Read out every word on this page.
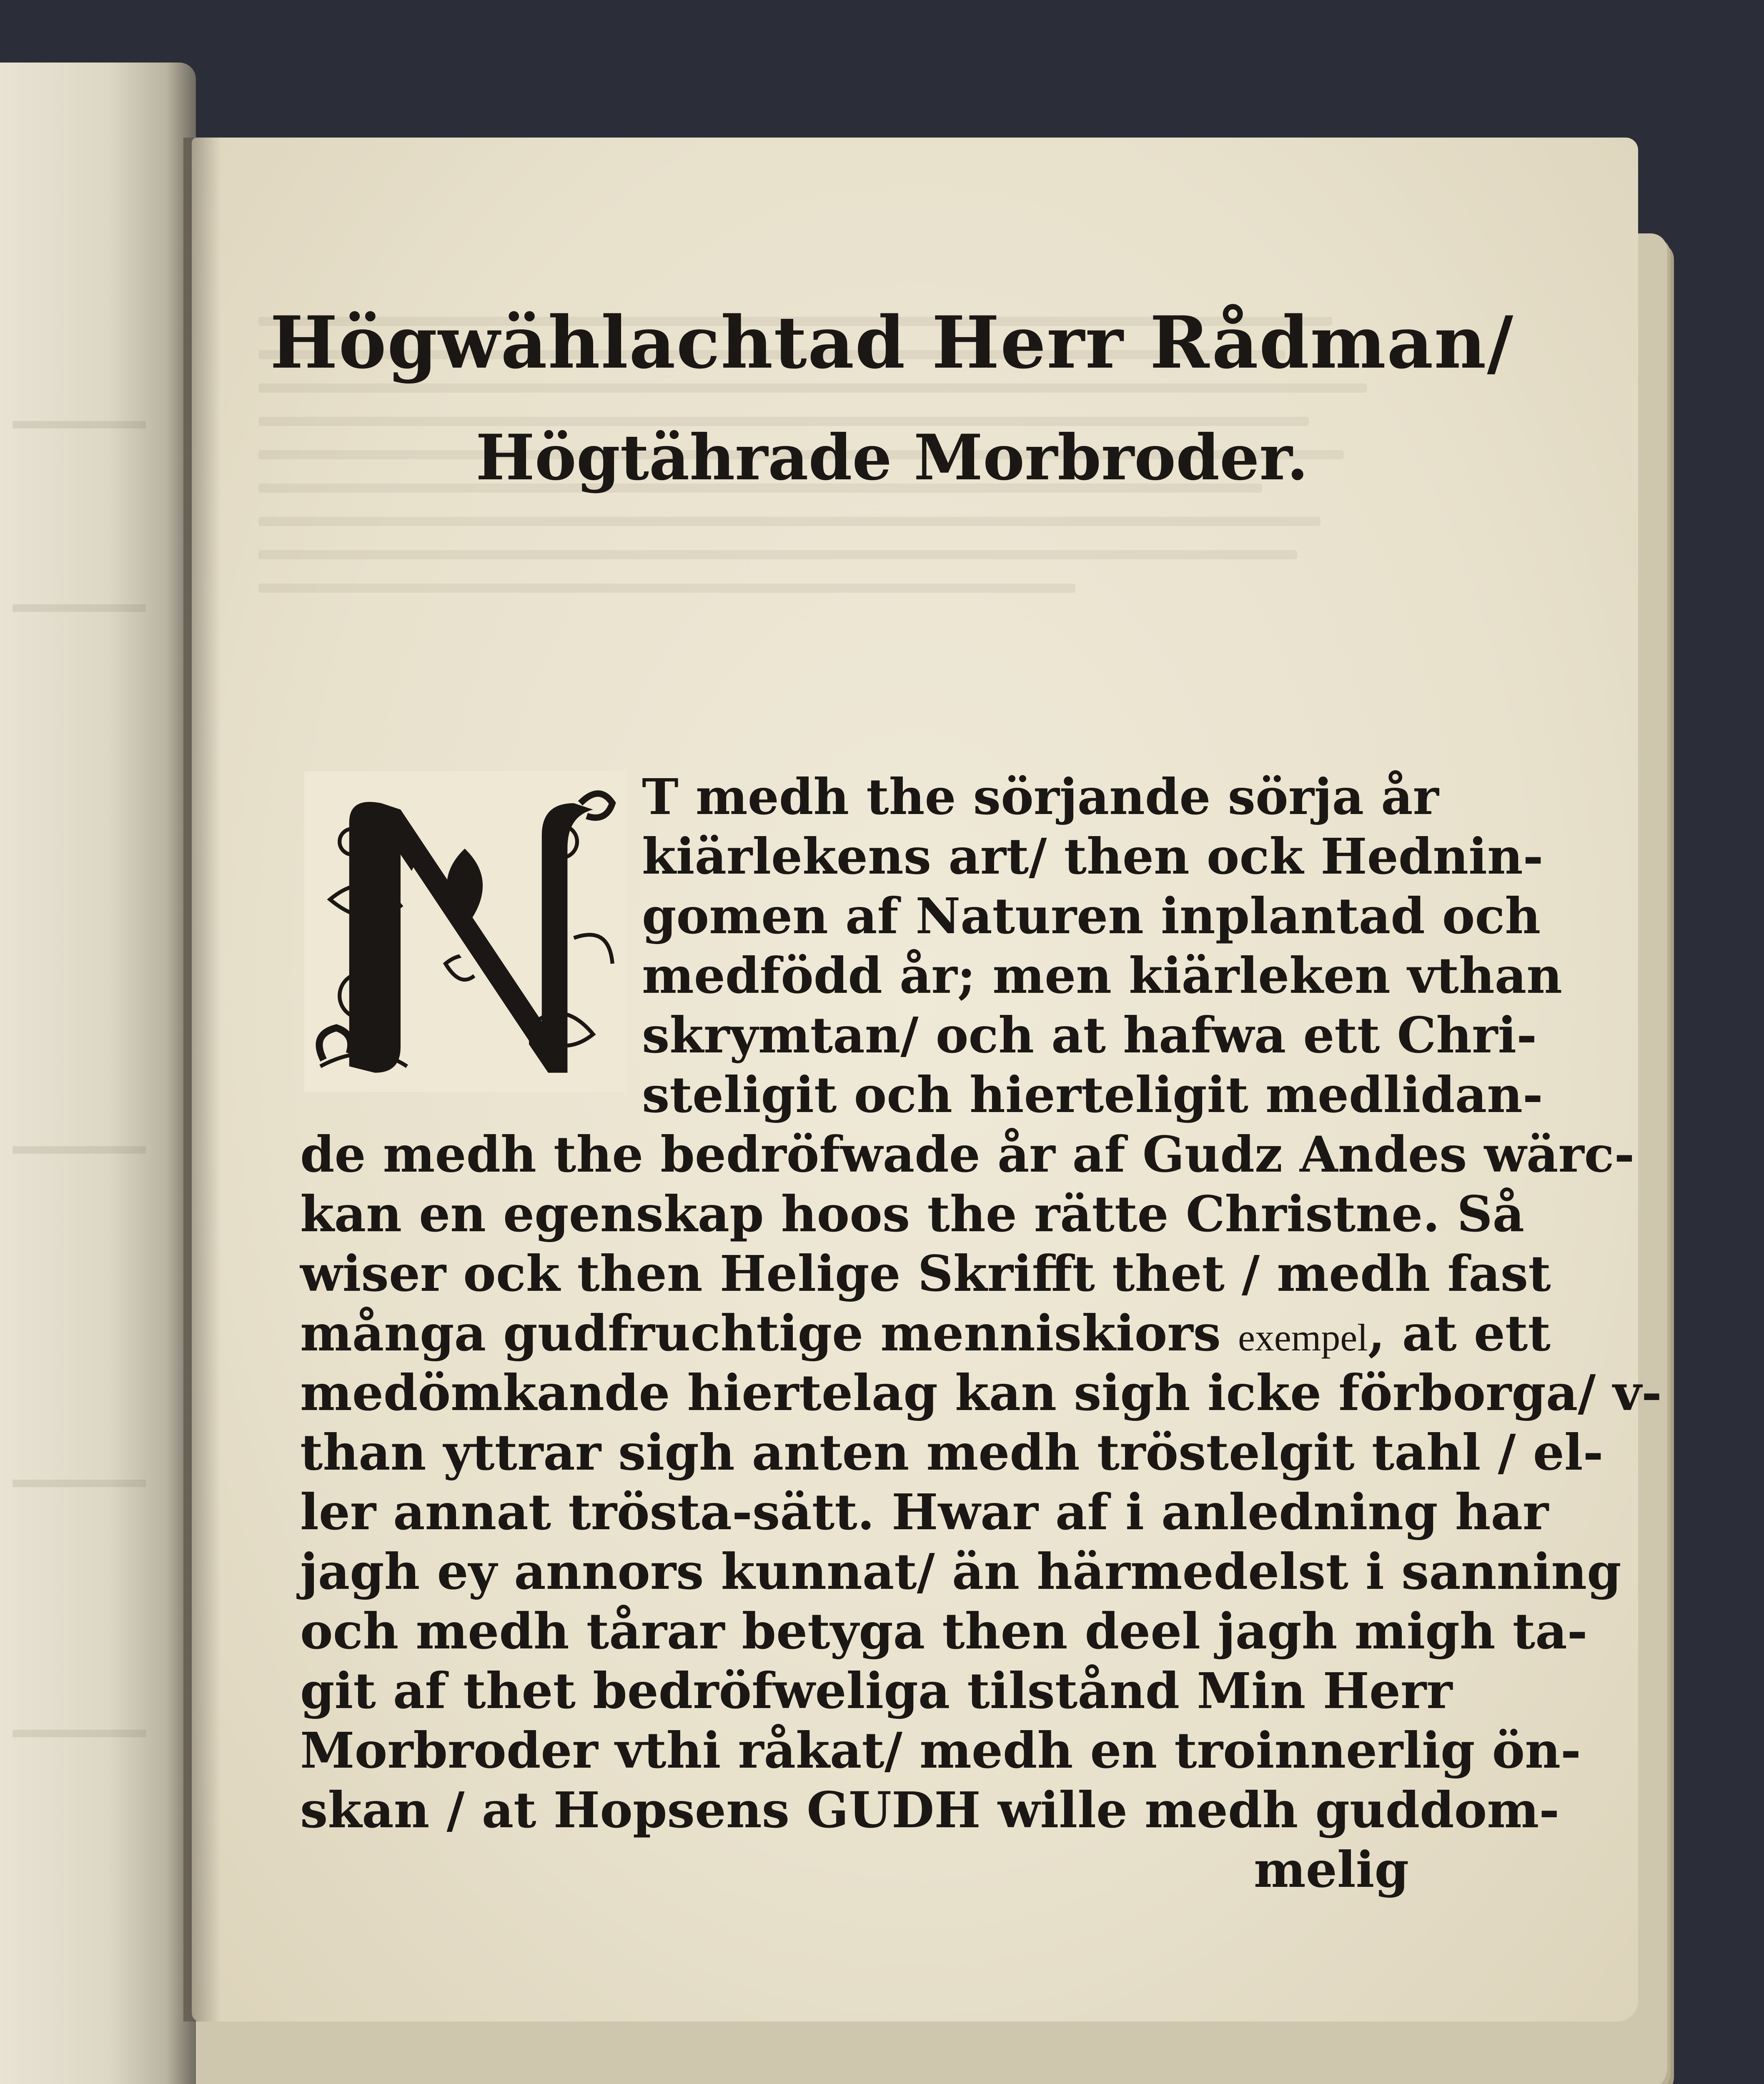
Högwählachtad Herr Rådman/
Högtährade Morbroder.
T medh the sörjande sörja år
kiärlekens art/ then ock Hednin-
gomen af Naturen inplantad och
medfödd år; men kiärleken vthan
skrymtan/ och at hafwa ett Chri-
steligit och hierteligit medlidan-
de medh the bedröfwade år af Gudz Andes wärc-
kan en egenskap hoos the rätte Christne. Så
wiser ock then Helige Skrifft thet / medh fast
många gudfruchtige menniskiors exempel, at ett
medömkande hiertelag kan sigh icke förborga/ v-
than yttrar sigh anten medh tröstelgit tahl / el-
ler annat trösta-sätt. Hwar af i anledning har
jagh ey annors kunnat/ än härmedelst i sanning
och medh tårar betyga then deel jagh migh ta-
git af thet bedröfweliga tilstånd Min Herr
Morbroder vthi råkat/ medh en troinnerlig ön-
skan / at Hopsens GUDH wille medh guddom-
melig
